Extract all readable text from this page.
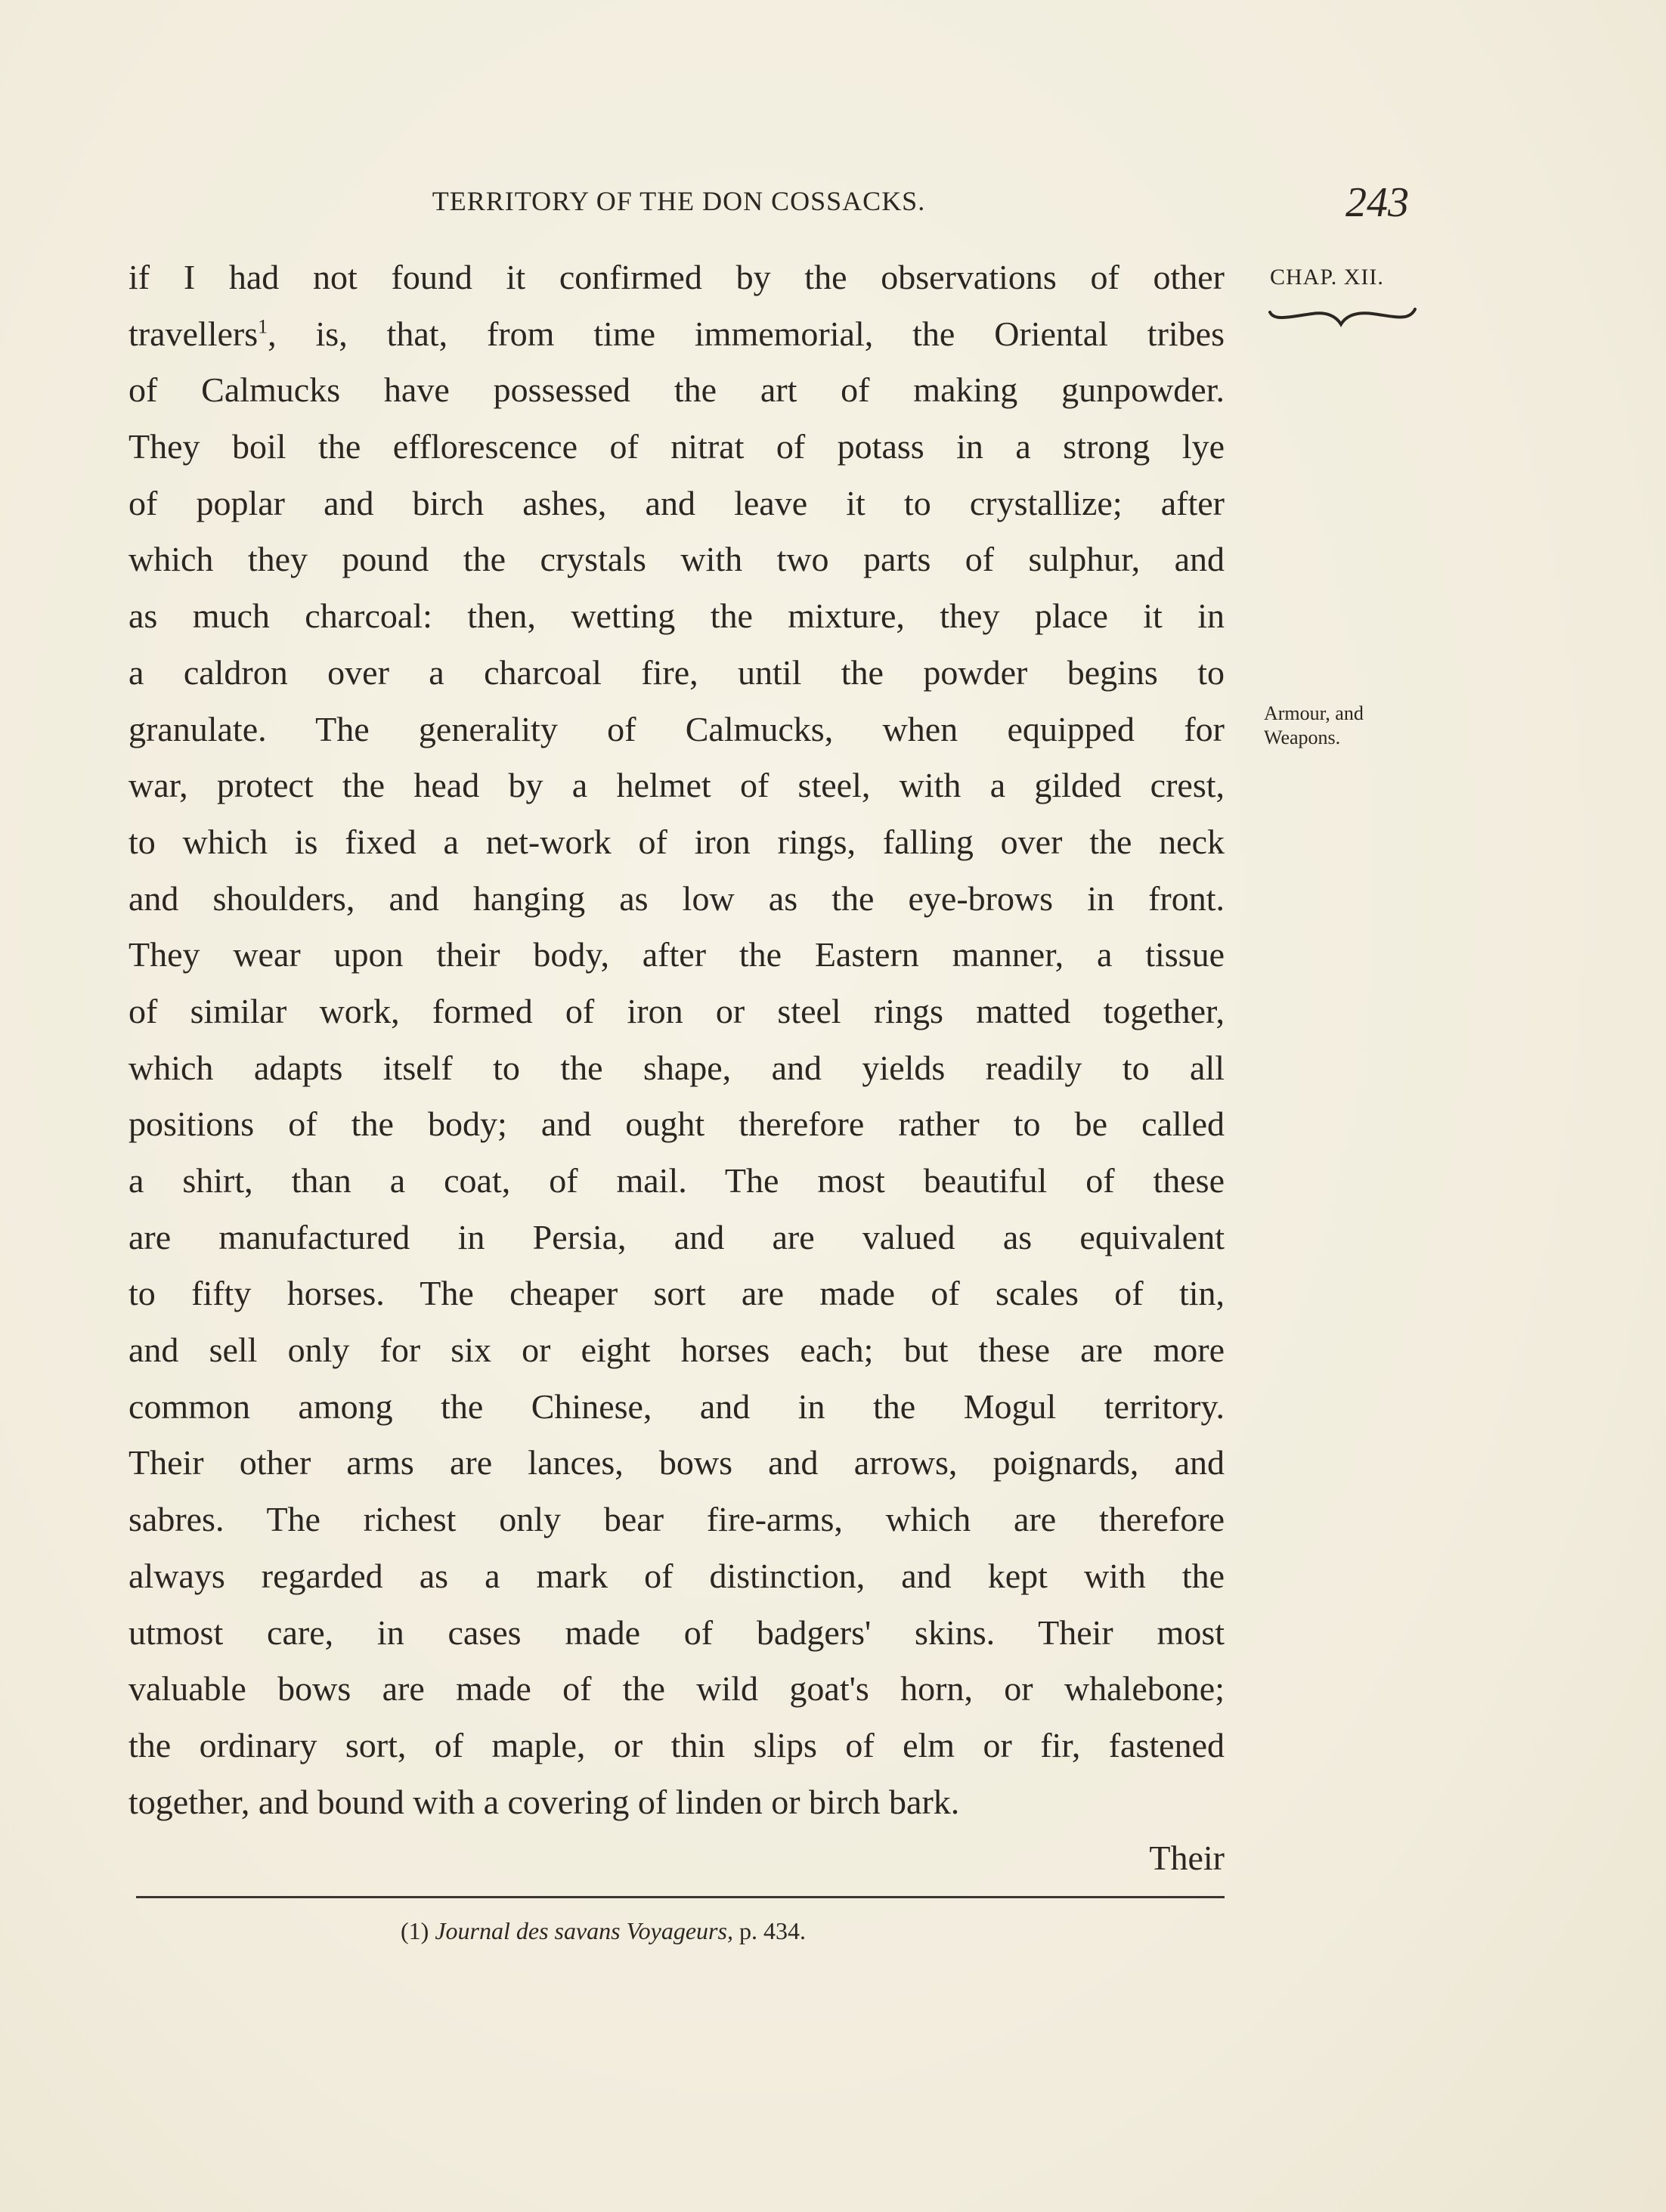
TERRITORY OF THE DON COSSACKS.	243
CHAP. XII.
Armour, and
Weapons.
if I had not found it confirmed by the observations of other
travellers$^1$, is, that, from time immemorial, the Oriental tribes
of Calmucks have possessed the art of making gunpowder.
They boil the efflorescence of nitrat of potass in a strong lye
of poplar and birch ashes, and leave it to crystallize; after
which they pound the crystals with two parts of sulphur, and
as much charcoal: then, wetting the mixture, they place it in
a caldron over a charcoal fire, until the powder begins to
granulate. The generality of Calmucks, when equipped for
war, protect the head by a helmet of steel, with a gilded crest,
to which is fixed a net-work of iron rings, falling over the neck
and shoulders, and hanging as low as the eye-brows in front.
They wear upon their body, after the Eastern manner, a tissue
of similar work, formed of iron or steel rings matted together,
which adapts itself to the shape, and yields readily to all
positions of the body; and ought therefore rather to be called
a shirt, than a coat, of mail. The most beautiful of these
are manufactured in Persia, and are valued as equivalent
to fifty horses. The cheaper sort are made of scales of tin,
and sell only for six or eight horses each; but these are more
common among the Chinese, and in the Mogul territory.
Their other arms are lances, bows and arrows, poignards, and
sabres. The richest only bear fire-arms, which are therefore
always regarded as a mark of distinction, and kept with the
utmost care, in cases made of badgers' skins. Their most
valuable bows are made of the wild goat's horn, or whalebone;
the ordinary sort, of maple, or thin slips of elm or fir, fastened
together, and bound with a covering of linden or birch bark.
Their
(1) Journal des savans Voyageurs, p. 434.
